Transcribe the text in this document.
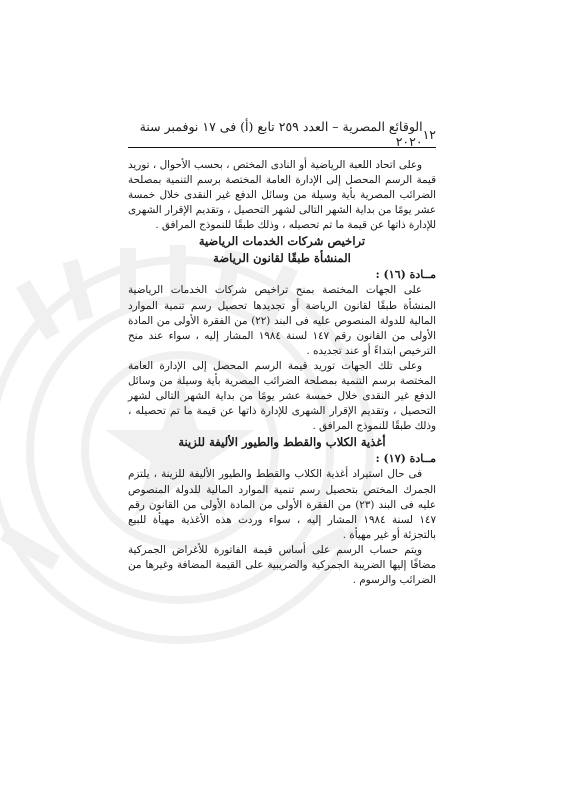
١٢
الوقائع المصرية – العدد ٢٥٩ تابع (أ) فى ١٧ نوفمبر سنة ٢٠٢٠

وعلى اتحاد اللعبة الرياضية أو النادى المختص ، بحسب الأحوال ، توريد قيمة الرسم المحصل إلى الإدارة العامة المختصة برسم التنمية بمصلحة الضرائب المصرية بأية وسيلة من وسائل الدفع غير النقدى خلال خمسة عشر يومًا من بداية الشهر التالى لشهر التحصيل ، وتقديم الإقرار الشهرى للإدارة ذاتها عن قيمة ما تم تحصيله ، وذلك طبقًا للنموذج المرافق .

تراخيص شركات الخدمات الرياضية

المنشأة طبقًا لقانون الرياضة

مــادة (١٦) :

على الجهات المختصة بمنح تراخيص شركات الخدمات الرياضية المنشأة طبقًا لقانون الرياضة أو تجديدها تحصيل رسم تنمية الموارد المالية للدولة المنصوص عليه فى البند (٢٢) من الفقرة الأولى من المادة الأولى من القانون رقم ١٤٧ لسنة ١٩٨٤ المشار إليه ، سواء عند منح الترخيص ابتداءً أو عند تجديده .

وعلى تلك الجهات توريد قيمة الرسم المحصل إلى الإدارة العامة المختصة برسم التنمية بمصلحة الضرائب المصرية بأية وسيلة من وسائل الدفع غير النقدى خلال خمسة عشر يومًا من بداية الشهر التالى لشهر التحصيل ، وتقديم الإقرار الشهرى للإدارة ذاتها عن قيمة ما تم تحصيله ، وذلك طبقًا للنموذج المرافق .

أغذية الكلاب والقطط والطيور الأليفة للزينة

مــادة (١٧) :

فى حال استيراد أغذية الكلاب والقطط والطيور الأليفة للزينة ، يلتزم الجمرك المختص بتحصيل رسم تنمية الموارد المالية للدولة المنصوص عليه فى البند (٢٣) من الفقرة الأولى من المادة الأولى من القانون رقم ١٤٧ لسنة ١٩٨٤ المشار إليه ، سواء وردت هذه الأغذية مهيأة للبيع بالتجزئة أو غير مهيأة .

ويتم حساب الرسم على أساس قيمة الفاتورة للأغراض الجمركية مضافًا إليها الضريبة الجمركية والضريبية على القيمة المضافة وغيرها من الضرائب والرسوم .
